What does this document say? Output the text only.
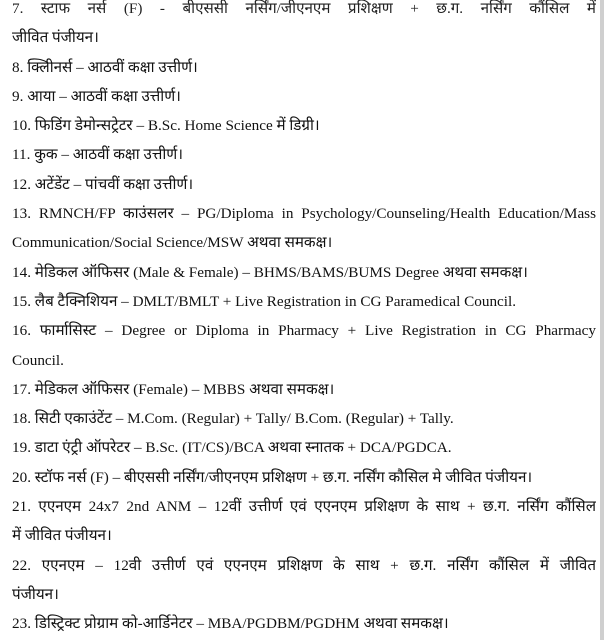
7. स्टाफ नर्स (F) - बीएससी नर्सिंग/जीएनएम प्रशिक्षण + छ.ग. नर्सिंग कौंसिल में
जीवित पंजीयन।
8. क्लिीनर्स – आठवीं कक्षा उत्तीर्ण।
9. आया – आठवीं कक्षा उत्तीर्ण।
10. फिडिंग डेमोन्सट्रेटर – B.Sc. Home Science में डिग्री।
11. कुक – आठवीं कक्षा उत्तीर्ण।
12. अटेंडेंट – पांचवीं कक्षा उत्तीर्ण।
13. RMNCH/FP काउंसलर – PG/Diploma in Psychology/Counseling/Health Education/Mass
Communication/Social Science/MSW अथवा समकक्ष।
14. मेडिकल ऑफिसर (Male & Female) – BHMS/BAMS/BUMS Degree अथवा समकक्ष।
15. लैब टैक्निशियन – DMLT/BMLT + Live Registration in CG Paramedical Council.
16. फार्मासिस्ट – Degree or Diploma in Pharmacy + Live Registration in CG Pharmacy
Council.
17. मेडिकल ऑफिसर (Female) – MBBS अथवा समकक्ष।
18. सिटी एकाउंटेंट – M.Com. (Regular) + Tally/ B.Com. (Regular) + Tally.
19. डाटा एंट्री ऑपरेटर – B.Sc. (IT/CS)/BCA अथवा स्नातक + DCA/PGDCA.
20. स्टॉफ नर्स (F) – बीएससी नर्सिंग/जीएनएम प्रशिक्षण + छ.ग. नर्सिंग कौसिल मे जीवित पंजीयन।
21. एएनएम 24x7 2nd ANM – 12वीं उत्तीर्ण एवं एएनएम प्रशिक्षण के साथ + छ.ग. नर्सिंग कौंसिल
में जीवित पंजीयन।
22. एएनएम – 12वी उत्तीर्ण एवं एएनएम प्रशिक्षण के साथ + छ.ग. नर्सिंग कौंसिल में जीवित
पंजीयन।
23. डिस्ट्रिक्ट प्रोग्राम को-आर्डिनेटर – MBA/PGDBM/PGDHM अथवा समकक्ष।
